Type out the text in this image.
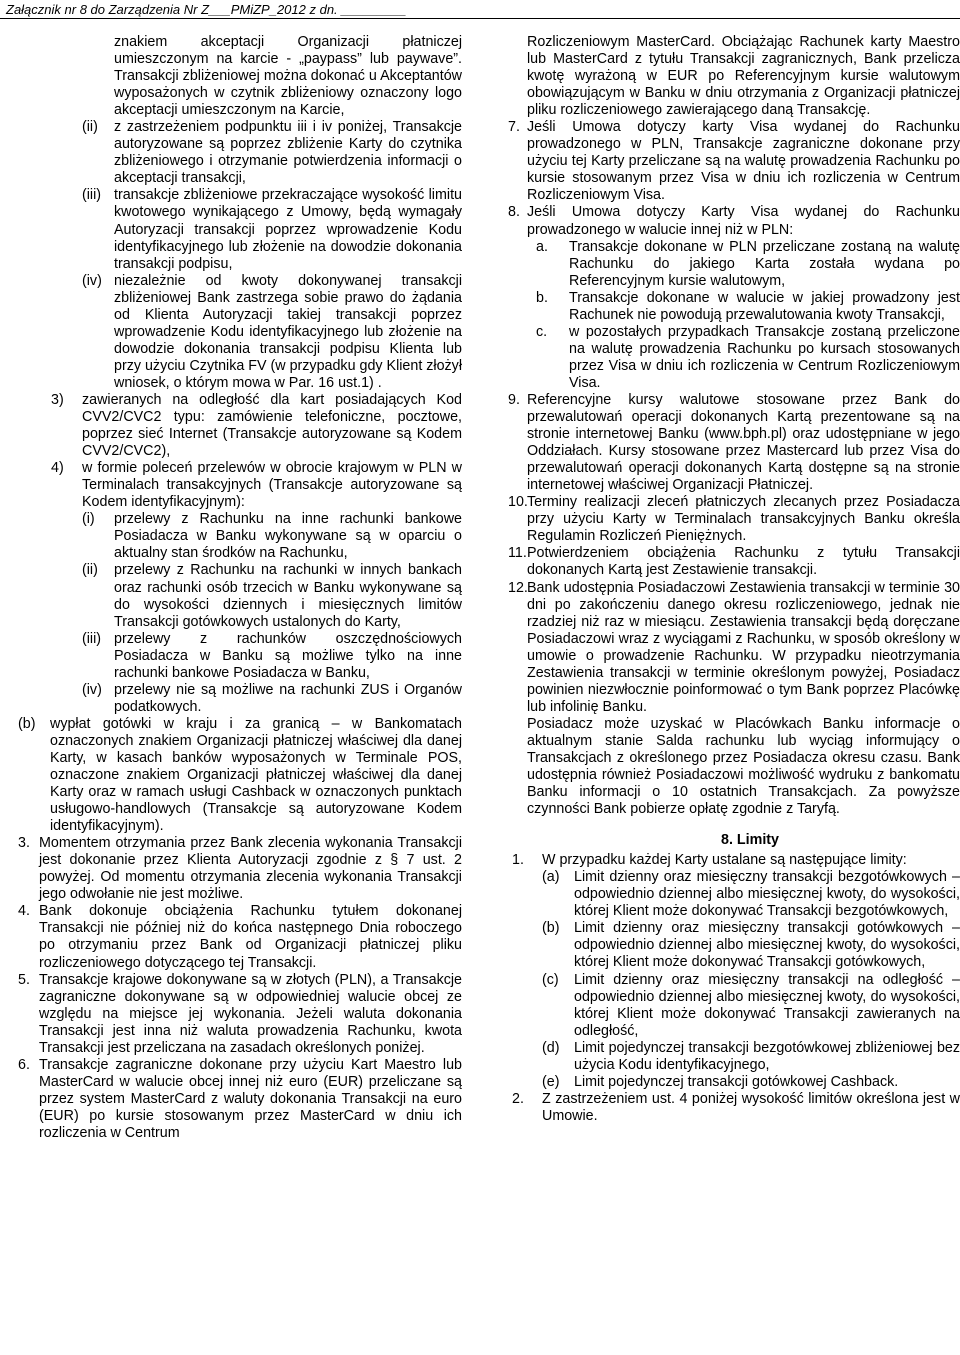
Załącznik nr 8 do Zarządzenia Nr Z___PMiZP_2012 z dn. _________
znakiem akceptacji Organizacji płatniczej umieszczonym na karcie - „paypass” lub paywave”. Transakcji zbliżeniowej można dokonać u Akceptantów wyposażonych w czytnik zbliżeniowy oznaczony logo akceptacji umieszczonym na Karcie,
(ii) z zastrzeżeniem podpunktu iii i iv poniżej, Transakcje autoryzowane są poprzez zbliżenie Karty do czytnika zbliżeniowego i otrzymanie potwierdzenia informacji o akceptacji transakcji,
(iii) transakcje zbliżeniowe przekraczające wysokość limitu kwotowego wynikającego z Umowy, będą wymagały Autoryzacji transakcji poprzez wprowadzenie Kodu identyfikacyjnego lub złożenie na dowodzie dokonania transakcji podpisu,
(iv) niezależnie od kwoty dokonywanej transakcji zbliżeniowej Bank zastrzega sobie prawo do żądania od Klienta Autoryzacji takiej transakcji poprzez wprowadzenie Kodu identyfikacyjnego lub złożenie na dowodzie dokonania transakcji podpisu Klienta lub przy użyciu Czytnika FV (w przypadku gdy Klient złożył wniosek, o którym mowa w Par. 16 ust.1) .
3) zawieranych na odległość dla kart posiadających Kod CVV2/CVC2 typu: zamówienie telefoniczne, pocztowe, poprzez sieć Internet (Transakcje autoryzowane są Kodem CVV2/CVC2),
4) w formie poleceń przelewów w obrocie krajowym w PLN w Terminalach transakcyjnych (Transakcje autoryzowane są Kodem identyfikacyjnym):
(i) przelewy z Rachunku na inne rachunki bankowe Posiadacza w Banku wykonywane są w oparciu o aktualny stan środków na Rachunku,
(ii) przelewy z Rachunku na rachunki w innych bankach oraz rachunki osób trzecich w Banku wykonywane są do wysokości dziennych i miesięcznych limitów Transakcji gotówkowych ustalonych do Karty,
(iii) przelewy z rachunków oszczędnościowych Posiadacza w Banku są możliwe tylko na inne rachunki bankowe Posiadacza w Banku,
(iv) przelewy nie są możliwe na rachunki ZUS i Organów podatkowych.
(b) wypłat gotówki w kraju i za granicą – w Bankomatach oznaczonych znakiem Organizacji płatniczej właściwej dla danej Karty, w kasach banków wyposażonych w Terminale POS, oznaczone znakiem Organizacji płatniczej właściwej dla danej Karty oraz w ramach usługi Cashback w oznaczonych punktach usługowo-handlowych (Transakcje są autoryzowane Kodem identyfikacyjnym).
3. Momentem otrzymania przez Bank zlecenia wykonania Transakcji jest dokonanie przez Klienta Autoryzacji zgodnie z § 7 ust. 2 powyżej. Od momentu otrzymania zlecenia wykonania Transakcji jego odwołanie nie jest możliwe.
4. Bank dokonuje obciążenia Rachunku tytułem dokonanej Transakcji nie później niż do końca następnego Dnia roboczego po otrzymaniu przez Bank od Organizacji płatniczej pliku rozliczeniowego dotyczącego tej Transakcji.
5. Transakcje krajowe dokonywane są w złotych (PLN), a Transakcje zagraniczne dokonywane są w odpowiedniej walucie obcej ze względu na miejsce jej wykonania. Jeżeli waluta dokonania Transakcji jest inna niż waluta prowadzenia Rachunku, kwota Transakcji jest przeliczana na zasadach określonych poniżej.
6. Transakcje zagraniczne dokonane przy użyciu Kart Maestro lub MasterCard w walucie obcej innej niż euro (EUR) przeliczane są przez system MasterCard z waluty dokonania Transakcji na euro (EUR) po kursie stosowanym przez MasterCard w dniu ich rozliczenia w Centrum
Rozliczeniowym MasterCard. Obciążając Rachunek karty Maestro lub MasterCard z tytułu Transakcji zagranicznych, Bank przelicza kwotę wyrażoną w EUR po Referencyjnym kursie walutowym obowiązującym w Banku w dniu otrzymania z Organizacji płatniczej pliku rozliczeniowego zawierającego daną Transakcję.
7. Jeśli Umowa dotyczy karty Visa wydanej do Rachunku prowadzonego w PLN, Transakcje zagraniczne dokonane przy użyciu tej Karty przeliczane są na walutę prowadzenia Rachunku po kursie stosowanym przez Visa w dniu ich rozliczenia w Centrum Rozliczeniowym Visa.
8. Jeśli Umowa dotyczy Karty Visa wydanej do Rachunku prowadzonego w walucie innej niż w PLN:
a. Transakcje dokonane w PLN przeliczane zostaną na walutę Rachunku do jakiego Karta została wydana po Referencyjnym kursie walutowym,
b. Transakcje dokonane w walucie w jakiej prowadzony jest Rachunek nie powodują przewalutowania kwoty Transakcji,
c. w pozostałych przypadkach Transakcje zostaną przeliczone na walutę prowadzenia Rachunku po kursach stosowanych przez Visa w dniu ich rozliczenia w Centrum Rozliczeniowym Visa.
9. Referencyjne kursy walutowe stosowane przez Bank do przewalutowań operacji dokonanych Kartą prezentowane są na stronie internetowej Banku (www.bph.pl) oraz udostępniane w jego Oddziałach. Kursy stosowane przez Mastercard lub przez Visa do przewalutowań operacji dokonanych Kartą dostępne są na stronie internetowej właściwej Organizacji Płatniczej.
10. Terminy realizacji zleceń płatniczych zlecanych przez Posiadacza przy użyciu Karty w Terminalach transakcyjnych Banku określa Regulamin Rozliczeń Pieniężnych.
11. Potwierdzeniem obciążenia Rachunku z tytułu Transakcji dokonanych Kartą jest Zestawienie transakcji.
12. Bank udostępnia Posiadaczowi Zestawienia transakcji w terminie 30 dni po zakończeniu danego okresu rozliczeniowego, jednak nie rzadziej niż raz w miesiącu. Zestawienia transakcji będą doręczane Posiadaczowi wraz z wyciągami z Rachunku, w sposób określony w umowie o prowadzenie Rachunku. W przypadku nieotrzymania Zestawienia transakcji w terminie określonym powyżej, Posiadacz powinien niezwłocznie poinformować o tym Bank poprzez Placówkę lub infolinię Banku.
Posiadacz może uzyskać w Placówkach Banku informacje o aktualnym stanie Salda rachunku lub wyciąg informujący o Transakcjach z określonego przez Posiadacza okresu czasu. Bank udostępnia również Posiadaczowi możliwość wydruku z bankomatu Banku informacji o 10 ostatnich Transakcjach. Za powyższe czynności Bank pobierze opłatę zgodnie z Taryfą.
8. Limity
1. W przypadku każdej Karty ustalane są następujące limity:
(a) Limit dzienny oraz miesięczny transakcji bezgotówkowych – odpowiednio dziennej albo miesięcznej kwoty, do wysokości, której Klient może dokonywać Transakcji bezgotówkowych,
(b) Limit dzienny oraz miesięczny transakcji gotówkowych – odpowiednio dziennej albo miesięcznej kwoty, do wysokości, której Klient może dokonywać Transakcji gotówkowych,
(c) Limit dzienny oraz miesięczny transakcji na odległość – odpowiednio dziennej albo miesięcznej kwoty, do wysokości, której Klient może dokonywać Transakcji zawieranych na odległość,
(d) Limit pojedynczej transakcji bezgotówkowej zbliżeniowej bez użycia Kodu identyfikacyjnego,
(e) Limit pojedynczej transakcji gotówkowej Cashback.
2. Z zastrzeżeniem ust. 4 poniżej wysokość limitów określona jest w Umowie.
